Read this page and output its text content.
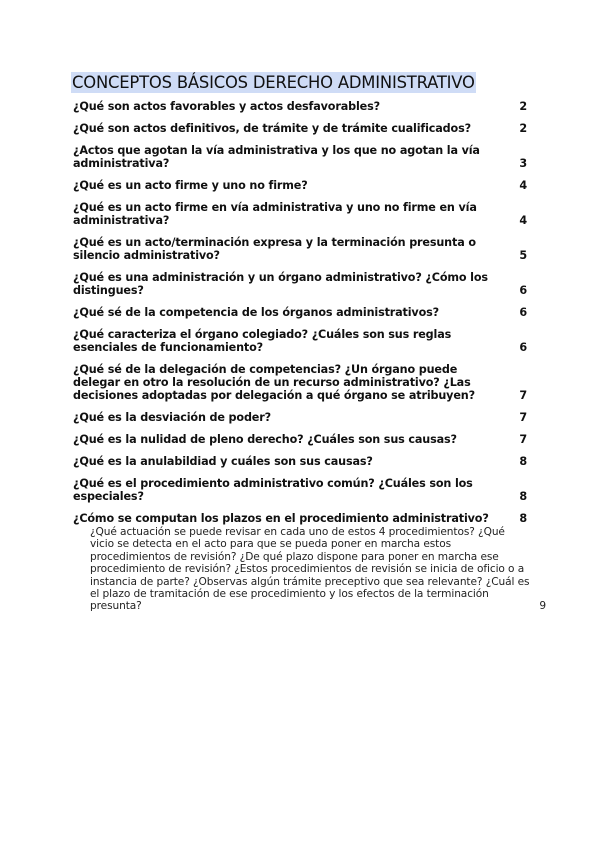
CONCEPTOS BÁSICOS DERECHO ADMINISTRATIVO
¿Qué son actos favorables y actos desfavorables?	2
¿Qué son actos definitivos, de trámite y de trámite cualificados?	2
¿Actos que agotan la vía administrativa y los que no agotan la vía administrativa?	3
¿Qué es un acto firme y uno no firme?	4
¿Qué es un acto firme en vía administrativa y uno no firme en vía administrativa?	4
¿Qué es un acto/terminación expresa y la terminación presunta o silencio administrativo?	5
¿Qué es una administración y un órgano administrativo? ¿Cómo los distingues?	6
¿Qué sé de la competencia de los órganos administrativos?	6
¿Qué caracteriza el órgano colegiado? ¿Cuáles son sus reglas esenciales de funcionamiento?	6
¿Qué sé de la delegación de competencias? ¿Un órgano puede delegar en otro la resolución de un recurso administrativo? ¿Las decisiones adoptadas por delegación a qué órgano se atribuyen?	7
¿Qué es la desviación de poder?	7
¿Qué es la nulidad de pleno derecho? ¿Cuáles son sus causas?	7
¿Qué es la anulabildiad y cuáles son sus causas?	8
¿Qué es el procedimiento administrativo común? ¿Cuáles son los especiales?	8
¿Cómo se computan los plazos en el procedimiento administrativo?	8
¿Qué actuación se puede revisar en cada uno de estos 4 procedimientos? ¿Qué vicio se detecta en el acto para que se pueda poner en marcha estos procedimientos de revisión? ¿De qué plazo dispone para poner en marcha ese procedimiento de revisión? ¿Estos procedimientos de revisión se inicia de oficio o a instancia de parte? ¿Observas algún trámite preceptivo que sea relevante? ¿Cuál es el plazo de tramitación de ese procedimiento y los efectos de la terminación presunta?	9
